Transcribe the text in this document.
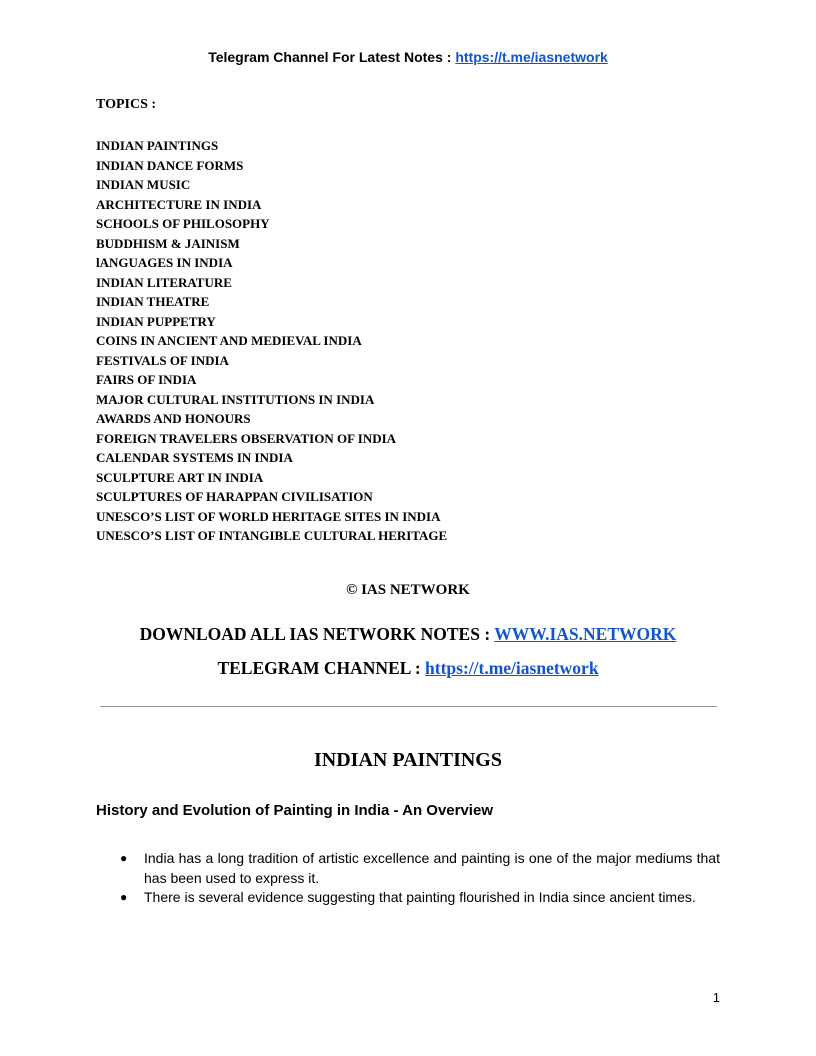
Telegram Channel For Latest Notes : https://t.me/iasnetwork
TOPICS :
INDIAN PAINTINGS
INDIAN DANCE FORMS
INDIAN MUSIC
ARCHITECTURE IN INDIA
SCHOOLS OF PHILOSOPHY
BUDDHISM & JAINISM
lANGUAGES IN INDIA
INDIAN LITERATURE
INDIAN THEATRE
INDIAN PUPPETRY
COINS IN ANCIENT AND MEDIEVAL INDIA
FESTIVALS OF INDIA
FAIRS OF INDIA
MAJOR CULTURAL INSTITUTIONS IN INDIA
AWARDS AND HONOURS
FOREIGN TRAVELERS OBSERVATION OF INDIA
CALENDAR SYSTEMS IN INDIA
SCULPTURE ART IN INDIA
SCULPTURES OF HARAPPAN CIVILISATION
UNESCO’S LIST OF WORLD HERITAGE SITES IN INDIA
UNESCO’S LIST OF INTANGIBLE CULTURAL HERITAGE
© IAS NETWORK
DOWNLOAD ALL IAS NETWORK NOTES : WWW.IAS.NETWORK
TELEGRAM CHANNEL : https://t.me/iasnetwork
INDIAN PAINTINGS
History and Evolution of Painting in India - An Overview
● India has a long tradition of artistic excellence and painting is one of the major mediums that has been used to express it.
● There is several evidence suggesting that painting flourished in India since ancient times.
1
